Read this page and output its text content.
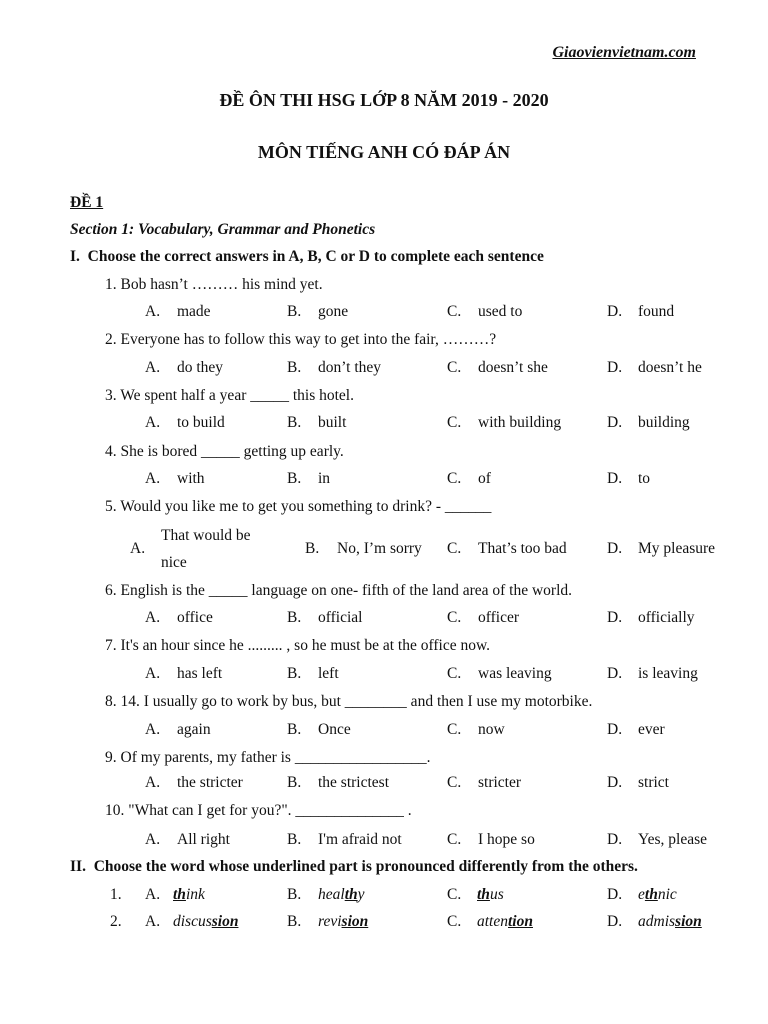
Giaovienvietnam.com
ĐỀ ÔN THI HSG LỚP 8 NĂM 2019 - 2020
MÔN TIẾNG ANH CÓ ĐÁP ÁN
ĐỀ 1
Section 1: Vocabulary, Grammar and Phonetics
I. Choose the correct answers in A, B, C or D to complete each sentence
1. Bob hasn’t ……… his mind yet.
A. made	B. gone	C. used to	D. found
2. Everyone has to follow this way to get into the fair, ………?
A. do they	B. don’t they	C. doesn’t she	D. doesn’t he
3. We spent half a year _____ this hotel.
A. to build	B. built	C. with building	D. building
4. She is bored _____ getting up early.
A. with	B. in	C. of	D. to
5. Would you like me to get you something to drink? - ______
A.
That would be nice
B. No, I’m sorry C. That’s too bad	D. My pleasure
6. English is the _____ language on one- fifth of the land area of the world.
A. office	B. official	C. officer	D. officially
7. It's an hour since he ......... , so he must be at the office now.
A. has left	B. left	C. was leaving	D. is leaving
8. 14. I usually go to work by bus, but ________ and then I use my motorbike.
A. again	B. Once	C. now	D. ever
9. Of my parents, my father is _________________.
A. the stricter	B. the strictest	C. stricter	D. strict
10. "What can I get for you?". ______________ .
A. All right	B. I'm afraid not	C. I hope so	D. Yes, please
II. Choose the word whose underlined part is pronounced differently from the others.
1. A. think	B. healthy	C. thus	D. ethnic
2. A. discussion	B. revision	C. attention	D. admission
